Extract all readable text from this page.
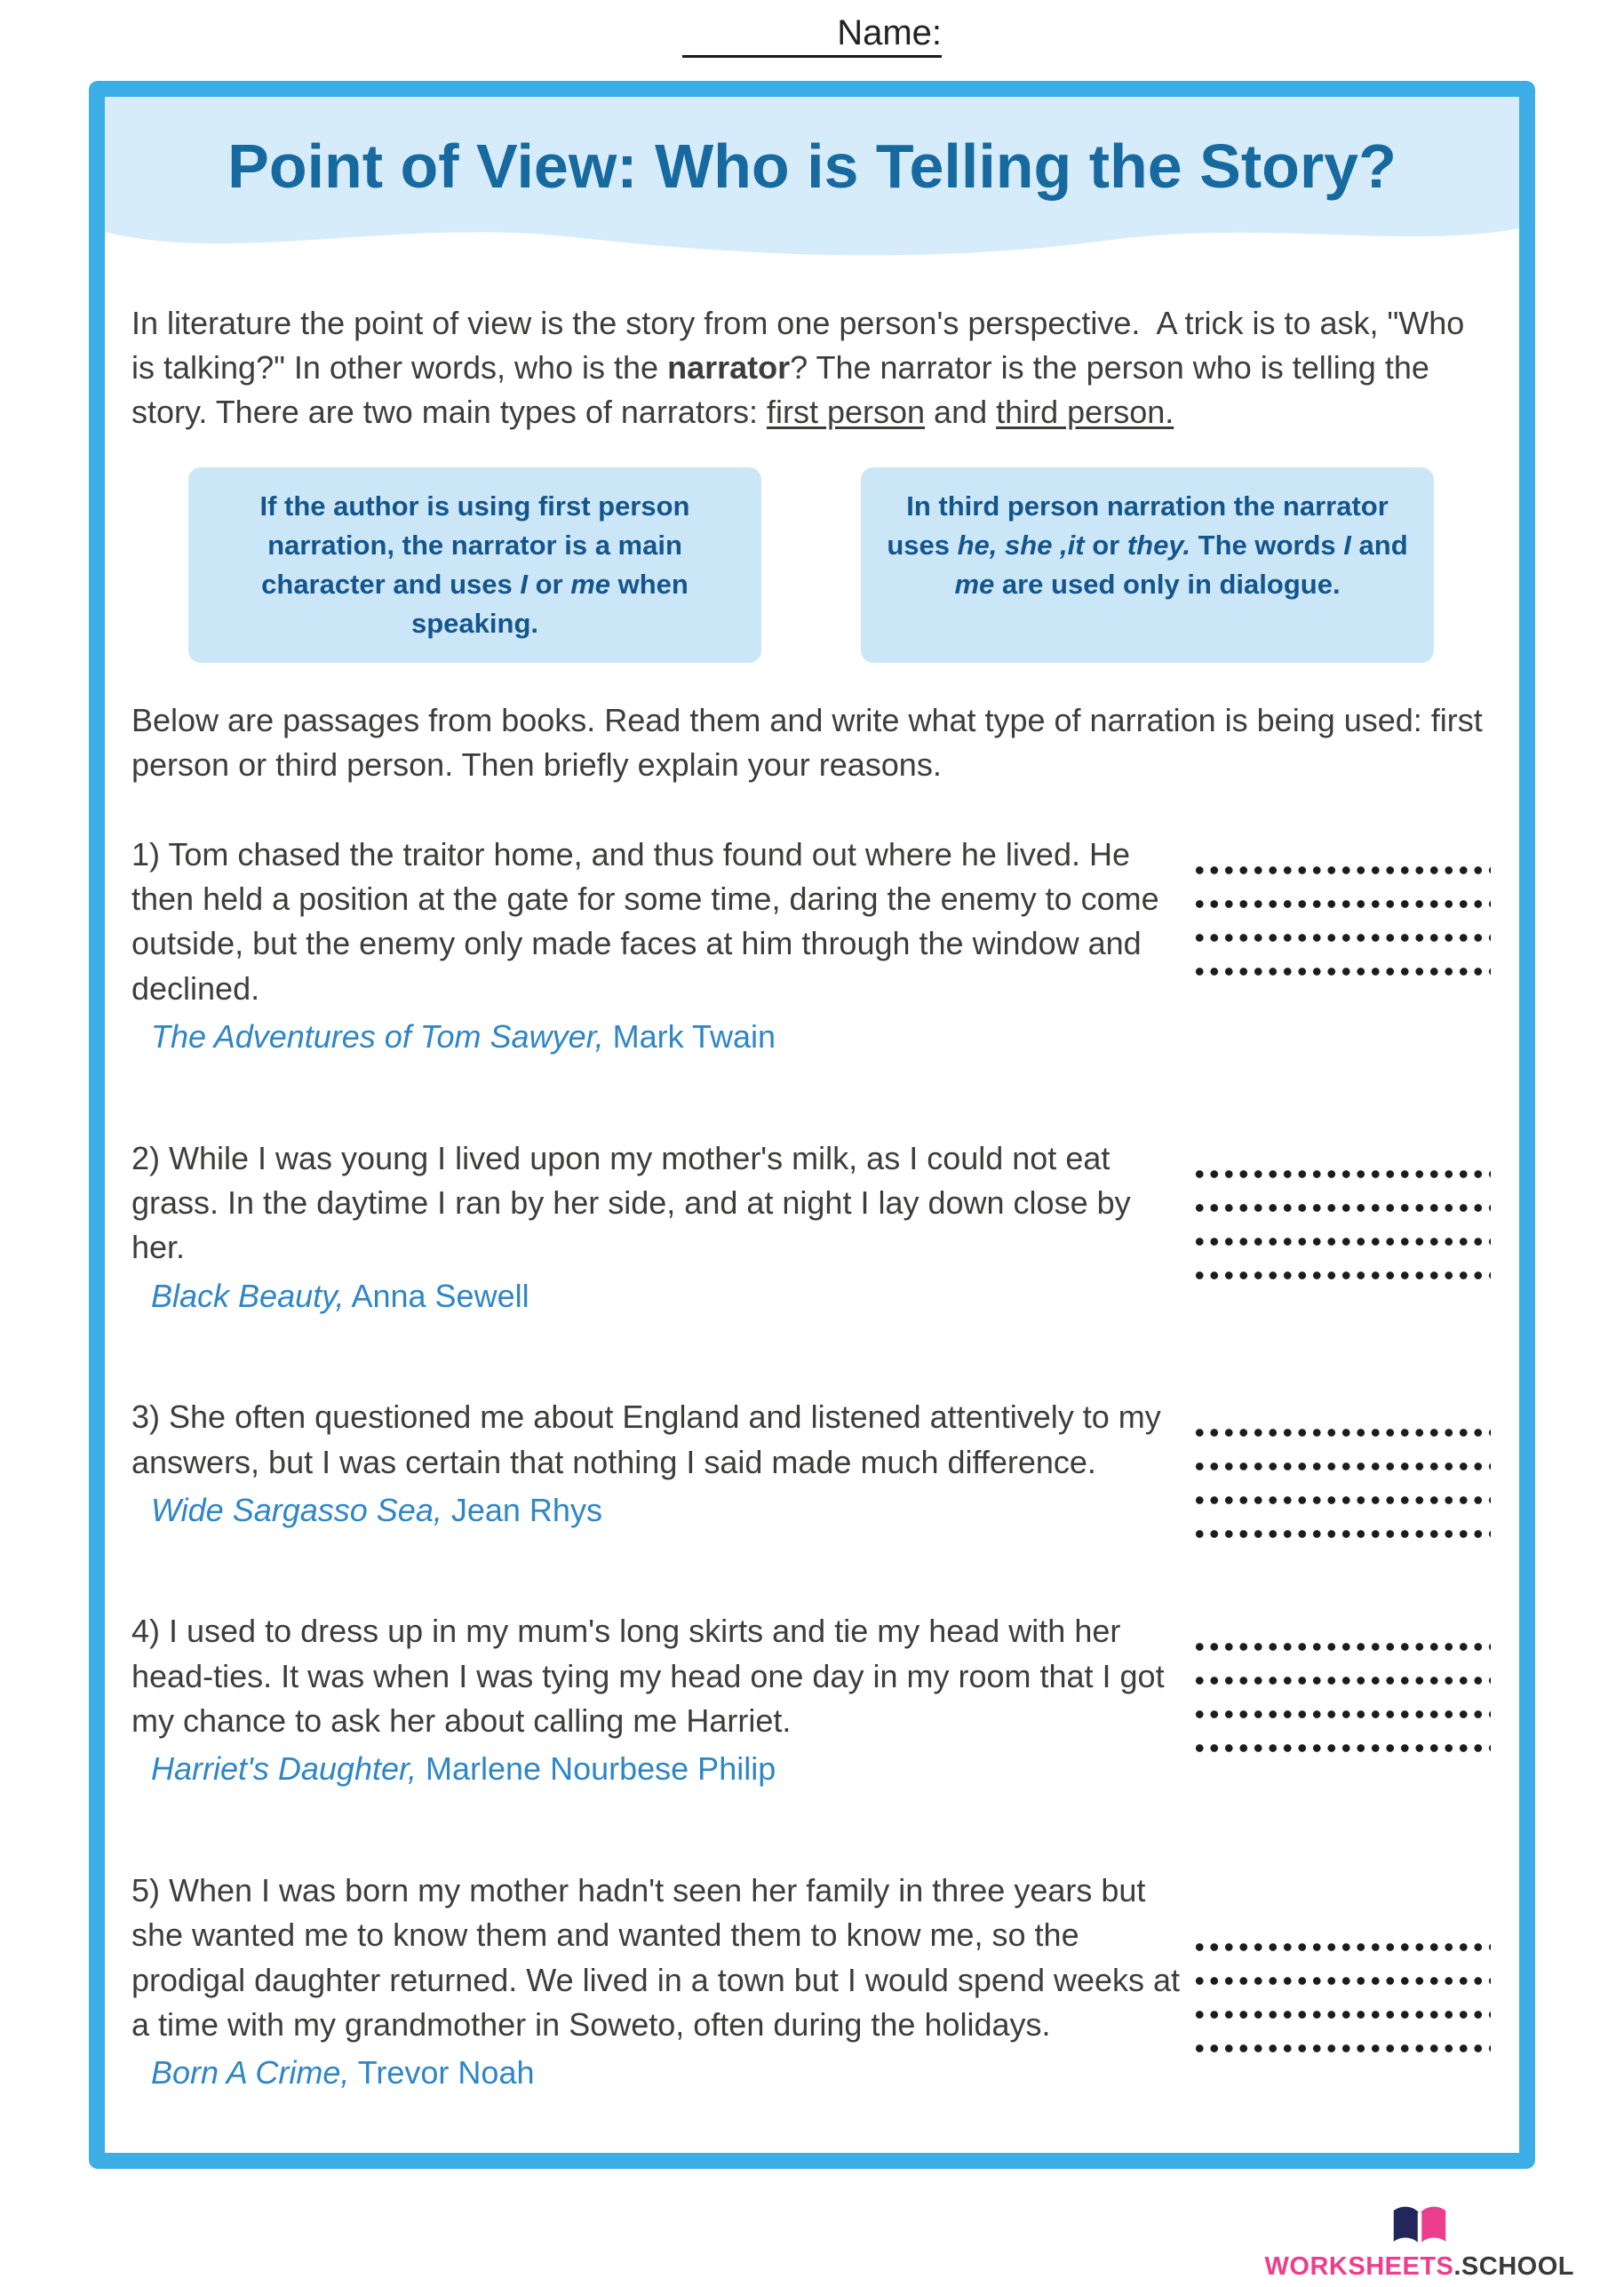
Name:
Point of View: Who is Telling the Story?

In literature the point of view is the story from one person's perspective.  A trick is to ask, "Who is talking?" In other words, who is the narrator? The narrator is the person who is telling the story. There are two main types of narrators: first person and third person.

If the author is using first person narration, the narrator is a main character and uses I or me when speaking.
In third person narration the narrator uses he, she ,it or they. The words I and me are used only in dialogue.

Below are passages from books. Read them and write what type of narration is being used: first person or third person. Then briefly explain your reasons.

1) Tom chased the traitor home, and thus found out where he lived. He then held a position at the gate for some time, daring the enemy to come outside, but the enemy only made faces at him through the window and declined.

The Adventures of Tom Sawyer, Mark Twain

2) While I was young I lived upon my mother's milk, as I could not eat grass. In the daytime I ran by her side, and at night I lay down close by her.

Black Beauty, Anna Sewell

3) She often questioned me about England and listened attentively to my answers, but I was certain that nothing I said made much difference.

Wide Sargasso Sea, Jean Rhys

4) I used to dress up in my mum's long skirts and tie my head with her head-ties. It was when I was tying my head one day in my room that I got my chance to ask her about calling me Harriet.

Harriet's Daughter, Marlene Nourbese Philip

5) When I was born my mother hadn't seen her family in three years but she wanted me to know them and wanted them to know me, so the prodigal daughter returned. We lived in a town but I would spend weeks at a time with my grandmother in Soweto, often during the holidays.

Born A Crime, Trevor Noah

WORKSHEETS.SCHOOL
